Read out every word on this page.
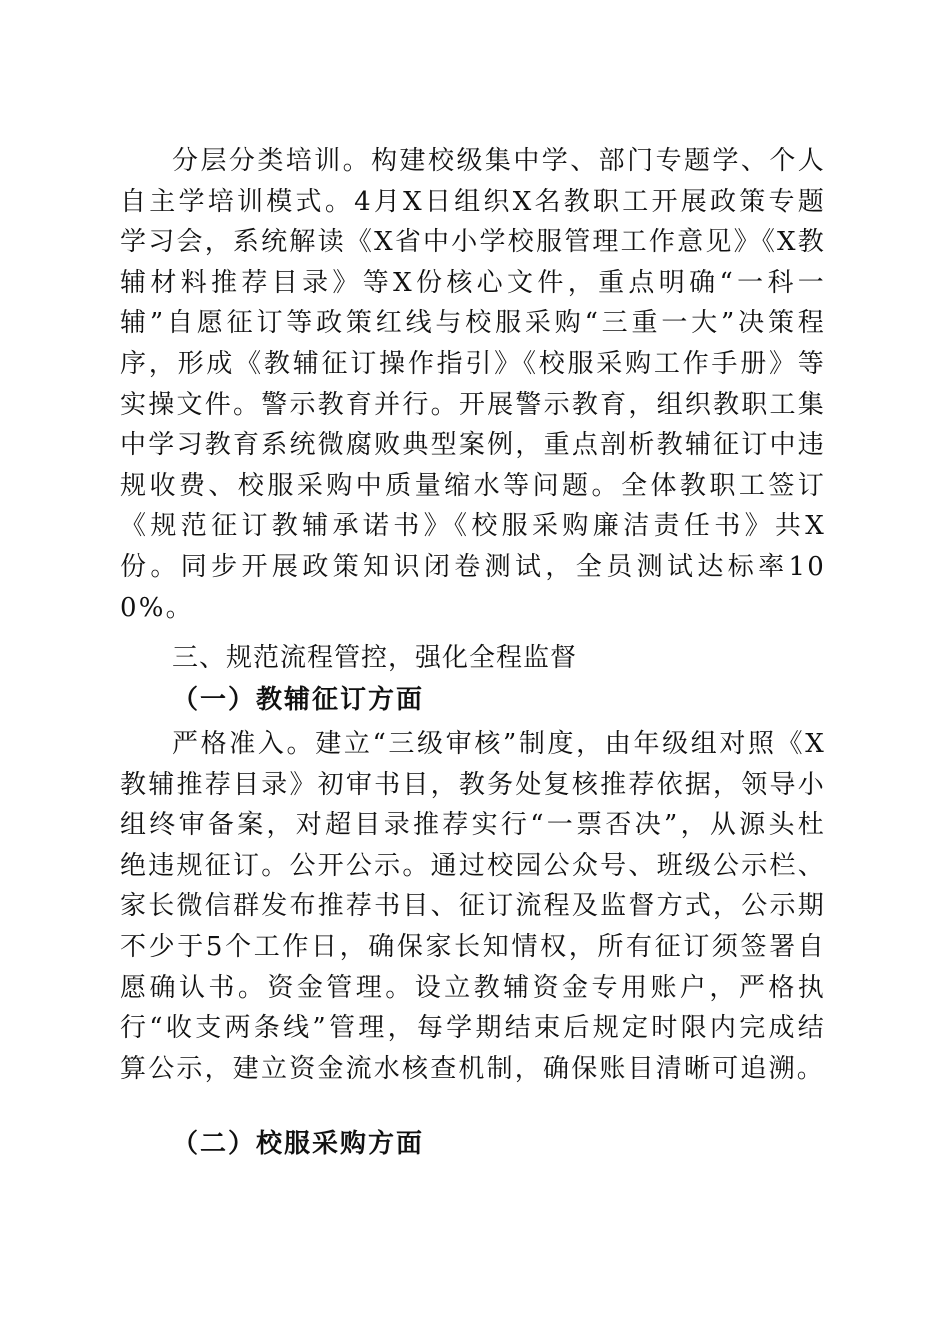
分层分类培训。构建校级集中学、部门专题学、个人自主学培训模式。4月X日组织X名教职工开展政策专题学习会，系统解读《X省中小学校服管理工作意见》《X教辅材料推荐目录》等X份核心文件，重点明确“一科一辅”自愿征订等政策红线与校服采购“三重一大”决策程序，形成《教辅征订操作指引》《校服采购工作手册》等实操文件。警示教育并行。开展警示教育，组织教职工集中学习教育系统微腐败典型案例，重点剖析教辅征订中违规收费、校服采购中质量缩水等问题。全体教职工签订《规范征订教辅承诺书》《校服采购廉洁责任书》共X份。同步开展政策知识闭卷测试，全员测试达标率100%。

三、规范流程管控，强化全程监督
（一）教辅征订方面

严格准入。建立“三级审核”制度，由年级组对照《X教辅推荐目录》初审书目，教务处复核推荐依据，领导小组终审备案，对超目录推荐实行“一票否决”，从源头杜绝违规征订。公开公示。通过校园公众号、班级公示栏、家长微信群发布推荐书目、征订流程及监督方式，公示期不少于5个工作日，确保家长知情权，所有征订须签署自愿确认书。资金管理。设立教辅资金专用账户，严格执行“收支两条线”管理，每学期结束后规定时限内完成结算公示，建立资金流水核查机制，确保账目清晰可追溯。

（二）校服采购方面
